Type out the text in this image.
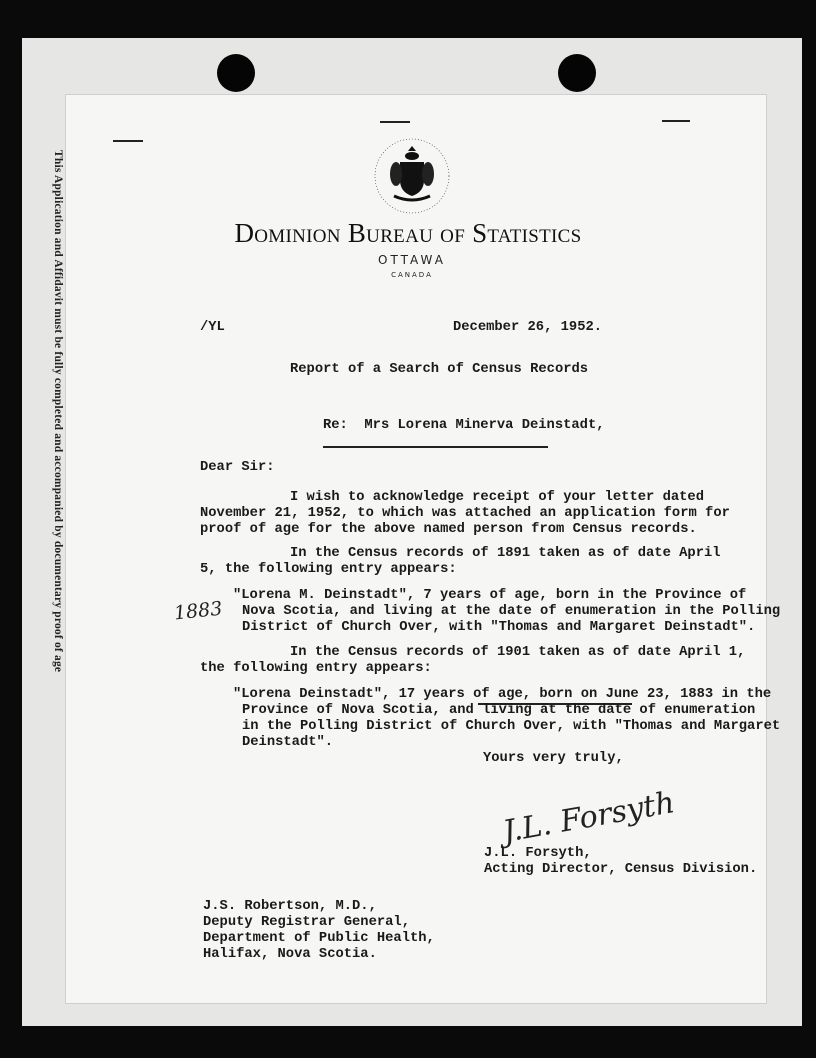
This Application and Affidavit must be fully completed and accompanied by documentary proof of age	Dominion Bureau of Statistics
OTTAWA
CANADA
/YL	December 26, 1952.
Report of a Search of Census Records
Re:  Mrs Lorena Minerva Deinstadt,
Dear Sir:
I wish to acknowledge receipt of your letter dated
November 21, 1952, to which was attached an application form for
proof of age for the above named person from Census records.
In the Census records of 1891 taken as of date April
5, the following entry appears:
"Lorena M. Deinstadt", 7 years of age, born in the Province of
Nova Scotia, and living at the date of enumeration in the Polling
District of Church Over, with "Thomas and Margaret Deinstadt".
1883
In the Census records of 1901 taken as of date April 1,
the following entry appears:
"Lorena Deinstadt", 17 years of age, born on June 23, 1883 in the
Province of Nova Scotia, and living at the date of enumeration
in the Polling District of Church Over, with "Thomas and Margaret
Deinstadt".
Yours very truly,
J.L. Forsyth
J.L. Forsyth,
Acting Director, Census Division.
J.S. Robertson, M.D.,
Deputy Registrar General,
Department of Public Health,
Halifax, Nova Scotia.
